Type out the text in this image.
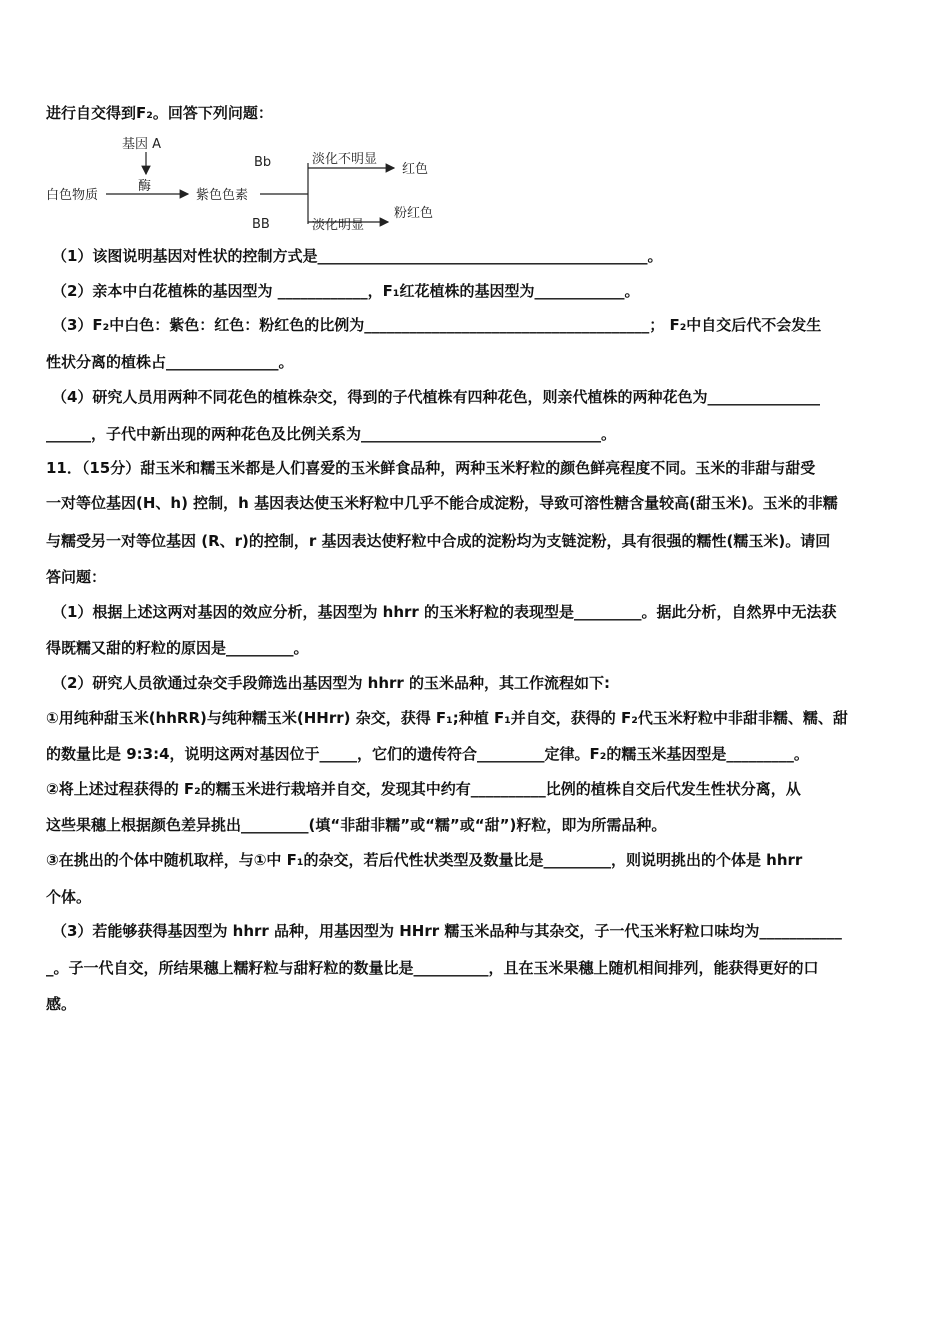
进行自交得到F₂。回答下列问题：
基因 A
酶
白色物质	紫色色素
Bb
BB
淡化不明显
淡化明显
红色
粉红色
（1）该图说明基因对性状的控制方式是____________________________________________。
（2）亲本中白花植株的基因型为 ____________，F₁红花植株的基因型为____________。
（3）F₂中白色：紫色：红色：粉红色的比例为______________________________________； F₂中自交后代不会发生
性状分离的植株占_______________。
（4）研究人员用两种不同花色的植株杂交，得到的子代植株有四种花色，则亲代植株的两种花色为_______________
______，子代中新出现的两种花色及比例关系为________________________________。
11．（15分）甜玉米和糯玉米都是人们喜爱的玉米鲜食品种，两种玉米籽粒的颜色鲜亮程度不同。玉米的非甜与甜受
一对等位基因(H、h) 控制，h 基因表达使玉米籽粒中几乎不能合成淀粉，导致可溶性糖含量较高(甜玉米)。玉米的非糯
与糯受另一对等位基因 (R、r)的控制，r 基因表达使籽粒中合成的淀粉均为支链淀粉，具有很强的糯性(糯玉米)。请回
答问题：
（1）根据上述这两对基因的效应分析，基因型为 hhrr 的玉米籽粒的表现型是_________。据此分析，自然界中无法获
得既糯又甜的籽粒的原因是_________。
（2）研究人员欲通过杂交手段筛选出基因型为 hhrr 的玉米品种，其工作流程如下:
①用纯种甜玉米(hhRR)与纯种糯玉米(HHrr) 杂交，获得 F₁;种植 F₁并自交，获得的 F₂代玉米籽粒中非甜非糯、糯、甜
的数量比是 9:3:4，说明这两对基因位于_____，它们的遗传符合_________定律。F₂的糯玉米基因型是_________。
②将上述过程获得的 F₂的糯玉米进行栽培并自交，发现其中约有__________比例的植株自交后代发生性状分离，从
这些果穗上根据颜色差异挑出_________(填“非甜非糯”或“糯”或“甜”)籽粒，即为所需品种。
③在挑出的个体中随机取样，与①中 F₁的杂交，若后代性状类型及数量比是_________，则说明挑出的个体是 hhrr
个体。
（3）若能够获得基因型为 hhrr 品种，用基因型为 HHrr 糯玉米品种与其杂交，子一代玉米籽粒口味均为___________
_。子一代自交，所结果穗上糯籽粒与甜籽粒的数量比是__________，且在玉米果穗上随机相间排列，能获得更好的口
感。
